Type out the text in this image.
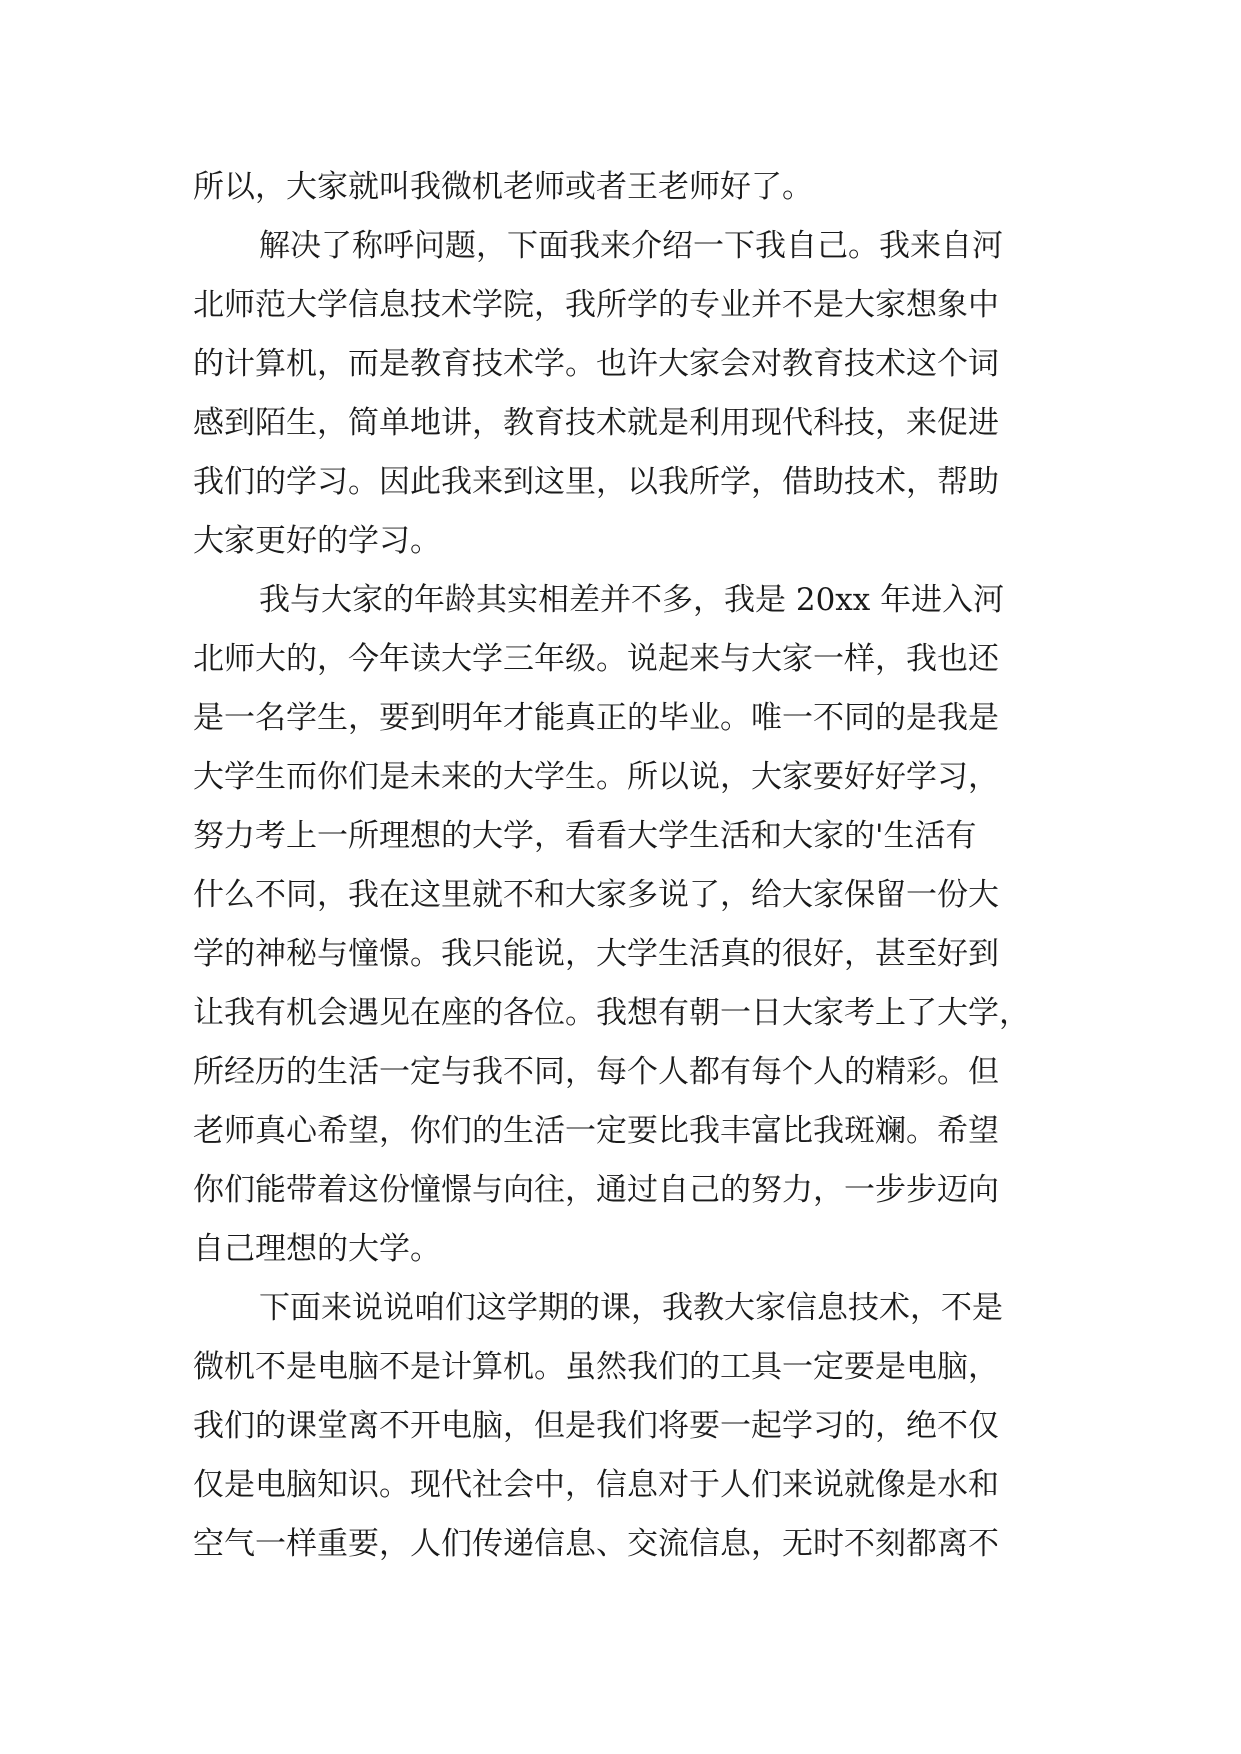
所以，大家就叫我微机老师或者王老师好了。
解决了称呼问题，下面我来介绍一下我自己。我来自河
北师范大学信息技术学院，我所学的专业并不是大家想象中
的计算机，而是教育技术学。也许大家会对教育技术这个词
感到陌生，简单地讲，教育技术就是利用现代科技，来促进
我们的学习。因此我来到这里，以我所学，借助技术，帮助
大家更好的学习。
我与大家的年龄其实相差并不多，我是 20xx 年进入河
北师大的，今年读大学三年级。说起来与大家一样，我也还
是一名学生，要到明年才能真正的毕业。唯一不同的是我是
大学生而你们是未来的大学生。所以说，大家要好好学习，
努力考上一所理想的大学，看看大学生活和大家的'生活有
什么不同，我在这里就不和大家多说了，给大家保留一份大
学的神秘与憧憬。我只能说，大学生活真的很好，甚至好到
让我有机会遇见在座的各位。我想有朝一日大家考上了大学，
所经历的生活一定与我不同，每个人都有每个人的精彩。但
老师真心希望，你们的生活一定要比我丰富比我斑斓。希望
你们能带着这份憧憬与向往，通过自己的努力，一步步迈向
自己理想的大学。
下面来说说咱们这学期的课，我教大家信息技术，不是
微机不是电脑不是计算机。虽然我们的工具一定要是电脑，
我们的课堂离不开电脑，但是我们将要一起学习的，绝不仅
仅是电脑知识。现代社会中，信息对于人们来说就像是水和
空气一样重要，人们传递信息、交流信息，无时不刻都离不
